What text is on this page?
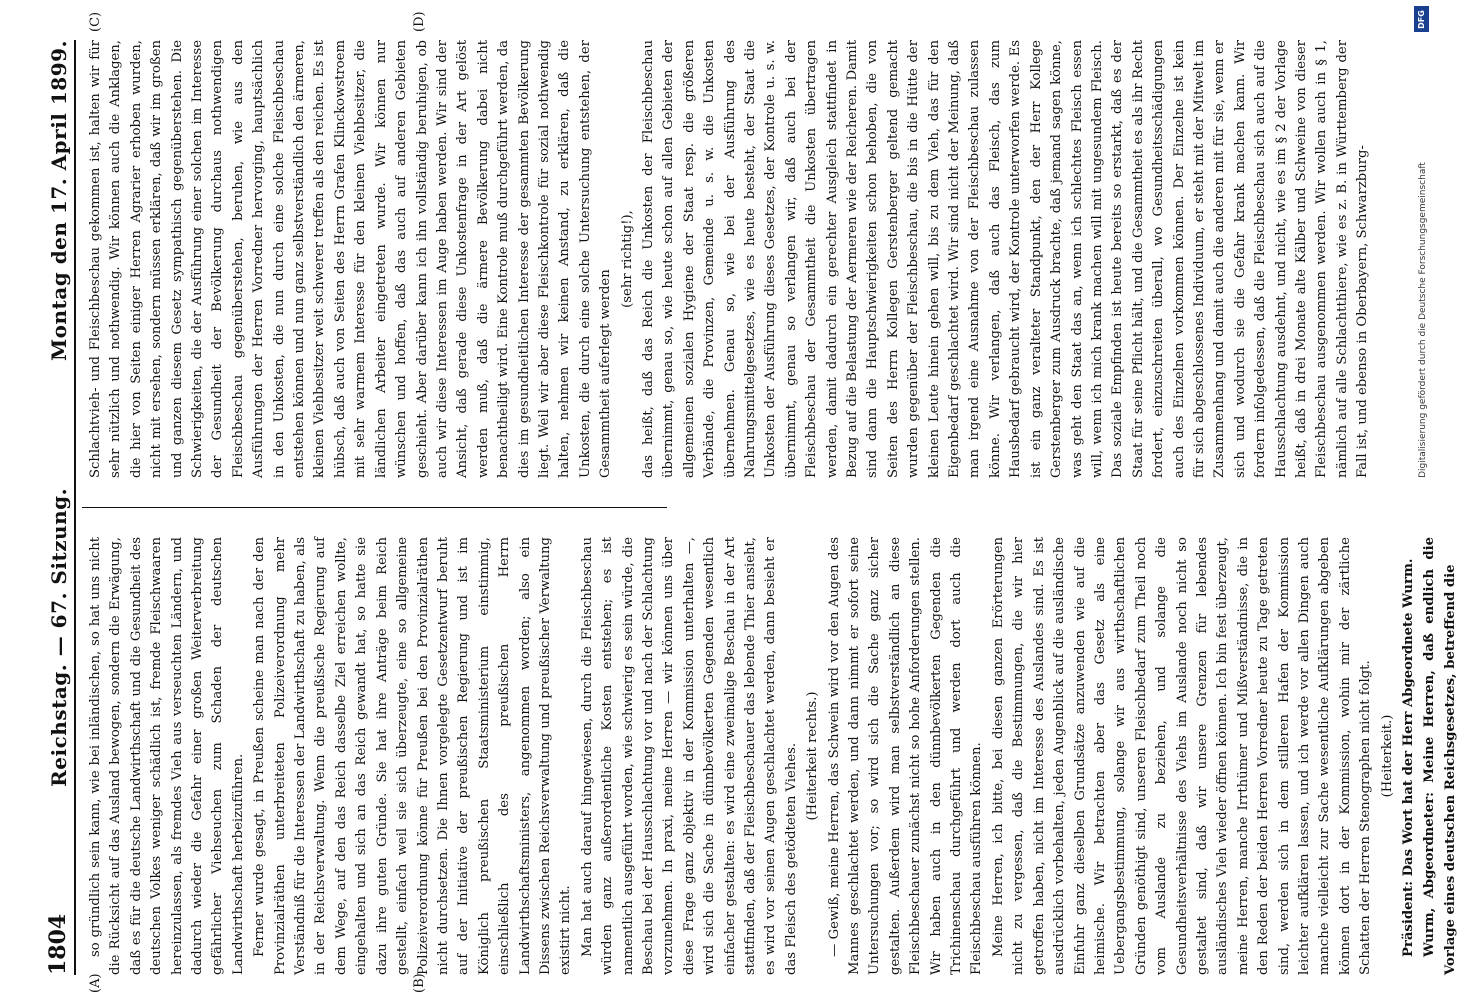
1804
Reichstag. — 67. Sitzung.
Montag den 17. April 1899.
(A)	(B)
(C)	(D)

so gründlich sein kann, wie bei inländischen, so hat uns nicht die Rücksicht auf das Ausland bewogen, sondern die Erwägung, daß es für die deutsche Landwirthschaft und die Gesundheit des deutschen Volkes weniger schädlich ist, fremde Fleischwaaren hereinzulassen, als fremdes Vieh aus verseuchten Ländern, und dadurch wieder die Gefahr einer großen Weiterverbreitung gefährlicher Viehseuchen zum Schaden der deutschen Landwirthschaft herbeizuführen. Ferner wurde gesagt, in Preußen scheine man nach der den Provinzialräthen unterbreiteten Polizeiverordnung mehr Verständniß für die Interessen der Landwirthschaft zu haben, als in der Reichsverwaltung. Wenn die preußische Regierung auf dem Wege, auf den das Reich dasselbe Ziel erreichen wollte, eingehalten und sich an das Reich gewandt hat, so hatte sie dazu ihre guten Gründe. Sie hat ihre Anträge beim Reich gestellt, einfach weil sie sich überzeugte, eine so allgemeine Polizeiverordnung könne für Preußen bei den Provinzialräthen nicht durchsetzen. Die Ihnen vorgelegte Gesetzentwurf beruht auf der Initiative der preußischen Regierung und ist im Königlich preußischen Staatsministerium einstimmig, einschließlich des preußischen Herrn Landwirthschaftsministers, angenommen worden; also ein Dissens zwischen Reichsverwaltung und preußischer Verwaltung existirt nicht. Man hat auch darauf hingewiesen, durch die Fleischbeschau würden ganz außerordentliche Kosten entstehen; es ist namentlich ausgeführt worden, wie schwierig es sein würde, die Beschau bei der Hausschlachtung vor und nach der Schlachtung vorzunehmen. In praxi, meine Herren — wir können uns über diese Frage ganz objektiv in der Kommission unterhalten —, wird sich die Sache in dünnbevölkerten Gegenden wesentlich einfacher gestalten: es wird eine zweimalige Beschau in der Art stattfinden, daß der Fleischbeschauer das lebende Thier ansieht, es wird vor seinen Augen geschlachtet werden, dann besieht er das Fleisch des getödteten Viehes. (Heiterkeit rechts.) — Gewiß, meine Herren, das Schwein wird vor den Augen des Mannes geschlachtet werden, und dann nimmt er sofort seine Untersuchungen vor; so wird sich die Sache ganz sicher gestalten. Außerdem wird man selbstverständlich an diese Fleischbeschauer zunächst nicht so hohe Anforderungen stellen. Wir haben auch in den dünnbevölkerten Gegenden die Trichinenschau durchgeführt und werden dort auch die Fleischbeschau ausführen können. Meine Herren, ich bitte, bei diesen ganzen Erörterungen nicht zu vergessen, daß die Bestimmungen, die wir hier getroffen haben, nicht im Interesse des Auslandes sind. Es ist ausdrücklich vorbehalten, jeden Augenblick auf die ausländische Einfuhr ganz dieselben Grundsätze anzuwenden wie auf die heimische. Wir betrachten aber das Gesetz als eine Uebergangsbestimmung, solange wir aus wirthschaftlichen Gründen genöthigt sind, unseren Fleischbedarf zum Theil noch vom Auslande zu beziehen, und solange die Gesundheitsverhältnisse des Viehs im Auslande noch nicht so gestaltet sind, daß wir unsere Grenzen für lebendes ausländisches Vieh wieder öffnen können. Ich bin fest überzeugt, meine Herren, manche Irrthümer und Mißverständnisse, die in den Reden der beiden Herren Vorredner heute zu Tage getreten sind, werden sich in dem stilleren Hafen der Kommission leichter aufklären lassen, und ich werde vor allen Dingen auch manche vielleicht zur Sache wesentliche Aufklärungen abgeben können dort in der Kommission, wohin mir der zärtliche Schatten der Herren Stenographen nicht folgt. (Heiterkeit.) Präsident: Das Wort hat der Herr Abgeordnete Wurm. Wurm, Abgeordneter: Meine Herren, daß endlich die Vorlage eines deutschen Reichsgesetzes, betreffend die

Schlachtvieh- und Fleischbeschau gekommen ist, halten wir für sehr nützlich und nothwendig. Wir können auch die Anklagen, die hier von Seiten einiger Herren Agrarier erhoben wurden, nicht mit ersehen, sondern müssen erklären, daß wir im großen und ganzen diesem Gesetz sympathisch gegenüberstehen. Die Schwierigkeiten, die der Ausführung einer solchen im Interesse der Gesundheit der Bevölkerung durchaus nothwendigen Fleischbeschau gegenüberstehen, beruhen, wie aus den Ausführungen der Herren Vorredner hervorging, hauptsächlich in den Unkosten, die nun durch eine solche Fleischbeschau entstehen können und nun ganz selbstverständlich den ärmeren, kleinen Viehbesitzer weit schwerer treffen als den reichen. Es ist hübsch, daß auch von Seiten des Herrn Grafen Klinckowstroem mit sehr warmem Interesse für den kleinen Viehbesitzer, die ländlichen Arbeiter eingetreten wurde. Wir können nur wünschen und hoffen, daß das auch auf anderen Gebieten geschieht. Aber darüber kann ich ihn vollständig beruhigen, ob auch wir diese Interessen im Auge haben werden. Wir sind der Ansicht, daß gerade diese Unkostenfrage in der Art gelöst werden muß, daß die ärmere Bevölkerung dabei nicht benachtheiligt wird. Eine Kontrole muß durchgeführt werden, da dies im gesundheitlichen Interesse der gesammten Bevölkerung liegt. Weil wir aber diese Fleischkontrole für sozial nothwendig halten, nehmen wir keinen Anstand, zu erklären, daß die Unkosten, die durch eine solche Untersuchung entstehen, der Gesammtheit auferlegt werden

(sehr richtig!), das heißt, daß das Reich die Unkosten der Fleischbeschau übernimmt, genau so, wie heute schon auf allen Gebieten der allgemeinen sozialen Hygiene der Staat resp. die größeren Verbände, die Provinzen, Gemeinde u. s. w. die Unkosten übernehmen. Genau so, wie bei der Ausführung des Nahrungsmittelgesetzes, wie es heute besteht, der Staat die Unkosten der Ausführung dieses Gesetzes, der Kontrole u. s. w. übernimmt, genau so verlangen wir, daß auch bei der Fleischbeschau der Gesammtheit die Unkosten übertragen werden, damit dadurch ein gerechter Ausgleich stattfindet in Bezug auf die Belastung der Aermeren wie der Reicheren. Damit sind dann die Hauptschwierigkeiten schon behoben, die von Seiten des Herrn Kollegen Gerstenberger geltend gemacht wurden gegenüber der Fleischbeschau, die bis in die Hütte der kleinen Leute hinein gehen will, bis zu dem Vieh, das für den Eigenbedarf geschlachtet wird. Wir sind nicht der Meinung, daß man irgend eine Ausnahme von der Fleischbeschau zulassen könne. Wir verlangen, daß auch das Fleisch, das zum Hausbedarf gebraucht wird, der Kontrole unterworfen werde. Es ist ein ganz veralteter Standpunkt, den der Herr Kollege Gerstenberger zum Ausdruck brachte, daß jemand sagen könne, was geht den Staat das an, wenn ich schlechtes Fleisch essen will, wenn ich mich krank machen will mit ungesundem Fleisch. Das soziale Empfinden ist heute bereits so erstarkt, daß es der Staat für seine Pflicht hält, und die Gesammtheit es als ihr Recht fordert, einzuschreiten überall, wo Gesundheitsschädigungen auch des Einzelnen vorkommen können. Der Einzelne ist kein für sich abgeschlossenes Individuum, er steht mit der Mitwelt im Zusammenhang und damit auch die anderen mit für sie, wenn er sich und wodurch sie die Gefahr krank machen kann. Wir fordern infolgedessen, daß die Fleischbeschau sich auch auf die Hausschlachtung ausdehnt, und nicht, wie es im § 2 der Vorlage heißt, daß in drei Monate alte Kälber und Schweine von dieser Fleischbeschau ausgenommen werden. Wir wollen auch in § 1, nämlich auf alle Schlachtthiere, wie es z. B. in Württemberg der Fall ist, und ebenso in Oberbayern, Schwarzburg-

DFG
Digitalisierung gefördert durch die Deutsche Forschungsgemeinschaft
